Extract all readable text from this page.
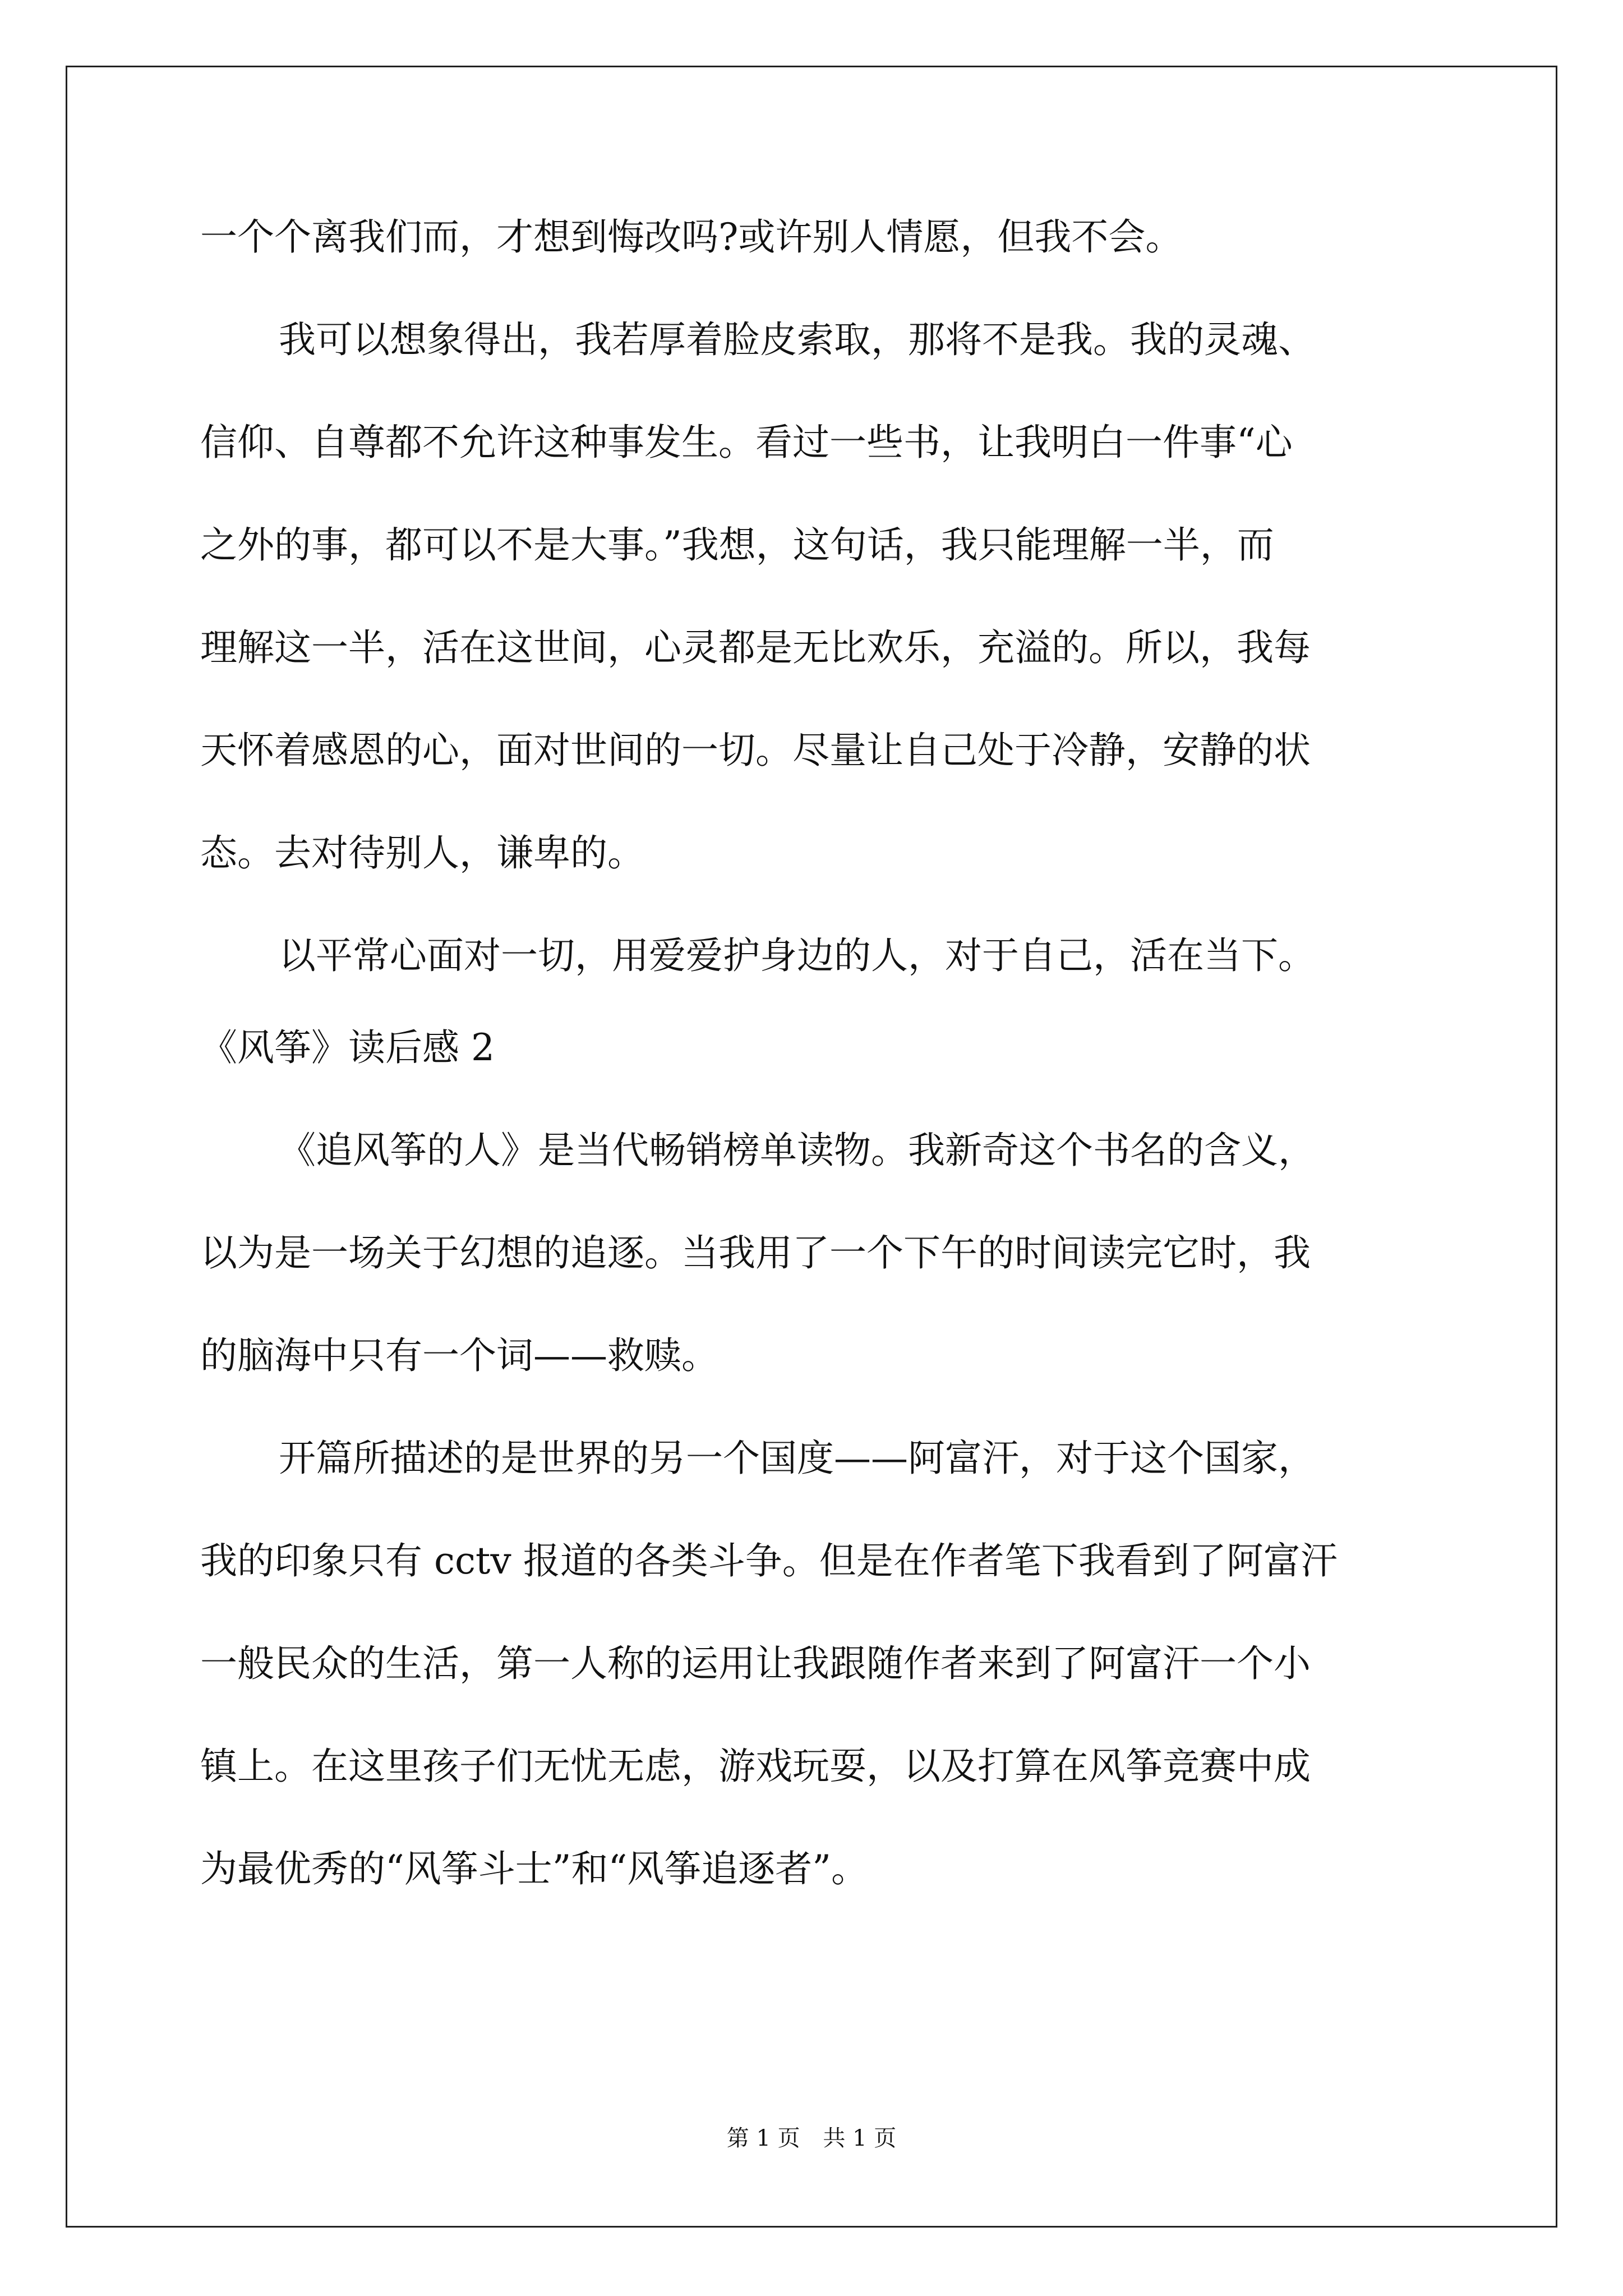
一个个离我们而，才想到悔改吗?或许别人情愿，但我不会。
我可以想象得出，我若厚着脸皮索取，那将不是我。我的灵魂、
信仰、自尊都不允许这种事发生。看过一些书，让我明白一件事“心
之外的事，都可以不是大事。”我想，这句话，我只能理解一半，而
理解这一半，活在这世间，心灵都是无比欢乐，充溢的。所以，我每
天怀着感恩的心，面对世间的一切。尽量让自己处于冷静，安静的状
态。去对待别人，谦卑的。
以平常心面对一切，用爱爱护身边的人，对于自己，活在当下。
《风筝》读后感 2
《追风筝的人》是当代畅销榜单读物。我新奇这个书名的含义，
以为是一场关于幻想的追逐。当我用了一个下午的时间读完它时，我
的脑海中只有一个词——救赎。
开篇所描述的是世界的另一个国度——阿富汗，对于这个国家，
我的印象只有 cctv 报道的各类斗争。但是在作者笔下我看到了阿富汗
一般民众的生活，第一人称的运用让我跟随作者来到了阿富汗一个小
镇上。在这里孩子们无忧无虑，游戏玩耍，以及打算在风筝竞赛中成
为最优秀的“风筝斗士”和“风筝追逐者”。
第 1 页 共 1 页
